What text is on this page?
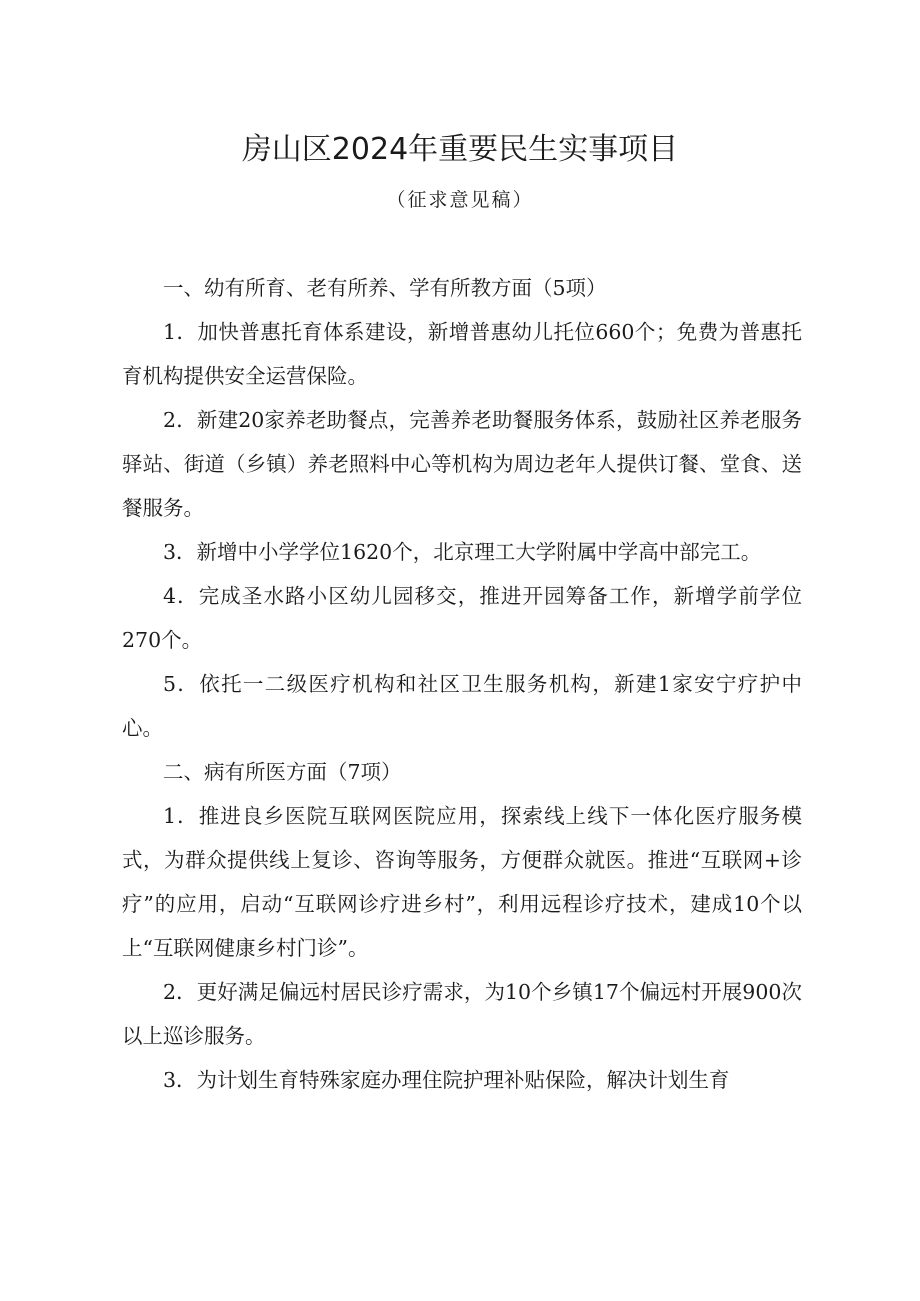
房山区2024年重要民生实事项目
（征求意见稿）

一、幼有所育、老有所养、学有所教方面（5项）

1．加快普惠托育体系建设，新增普惠幼儿托位660个；免费为普惠托育机构提供安全运营保险。

2．新建20家养老助餐点，完善养老助餐服务体系，鼓励社区养老服务驿站、街道（乡镇）养老照料中心等机构为周边老年人提供订餐、堂食、送餐服务。

3．新增中小学学位1620个，北京理工大学附属中学高中部完工。

4．完成圣水路小区幼儿园移交，推进开园筹备工作，新增学前学位270个。

5．依托一二级医疗机构和社区卫生服务机构，新建1家安宁疗护中心。

二、病有所医方面（7项）

1．推进良乡医院互联网医院应用，探索线上线下一体化医疗服务模式，为群众提供线上复诊、咨询等服务，方便群众就医。推进“互联网+诊疗”的应用，启动“互联网诊疗进乡村”，利用远程诊疗技术，建成10个以上“互联网健康乡村门诊”。

2．更好满足偏远村居民诊疗需求，为10个乡镇17个偏远村开展900次以上巡诊服务。

3．为计划生育特殊家庭办理住院护理补贴保险，解决计划生育
